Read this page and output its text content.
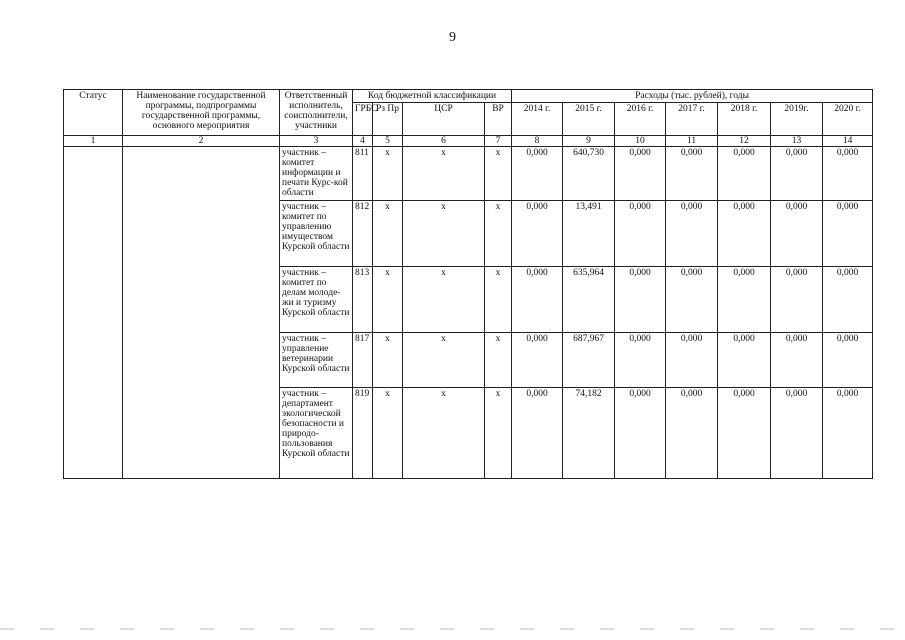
9
Статус	Наименование государственной программы, подпрограммы государственной программы, основного мероприятия	Ответственный исполнитель, соисполнители, участники	Код бюджетной классификации				Расходы (тыс. рублей), годы						
			ГРБС	Рз Пр	ЦСР	ВР	2014 г.	2015 г.	2016 г.	2017 г.	2018 г.	2019г.	2020 г.
1	2	3	4	5	6	7	8	9	10	11	12	13	14
		участник – комитет информации и печати Курс-кой области	811	х	х	х	0,000	640,730	0,000	0,000	0,000	0,000	0,000
		участник – комитет по управлению имуществом Курской области	812	х	х	х	0,000	13,491	0,000	0,000	0,000	0,000	0,000
		участник – комитет по делам молоде-жи и туризму Курской области	813	х	х	х	0,000	635,964	0,000	0,000	0,000	0,000	0,000
		участник – управление ветеринарии Курской области	817	х	х	х	0,000	687,967	0,000	0,000	0,000	0,000	0,000
		участник – департамент экологической безопасности и природо-пользования Курской области	819	х	х	х	0,000	74,182	0,000	0,000	0,000	0,000	0,000
